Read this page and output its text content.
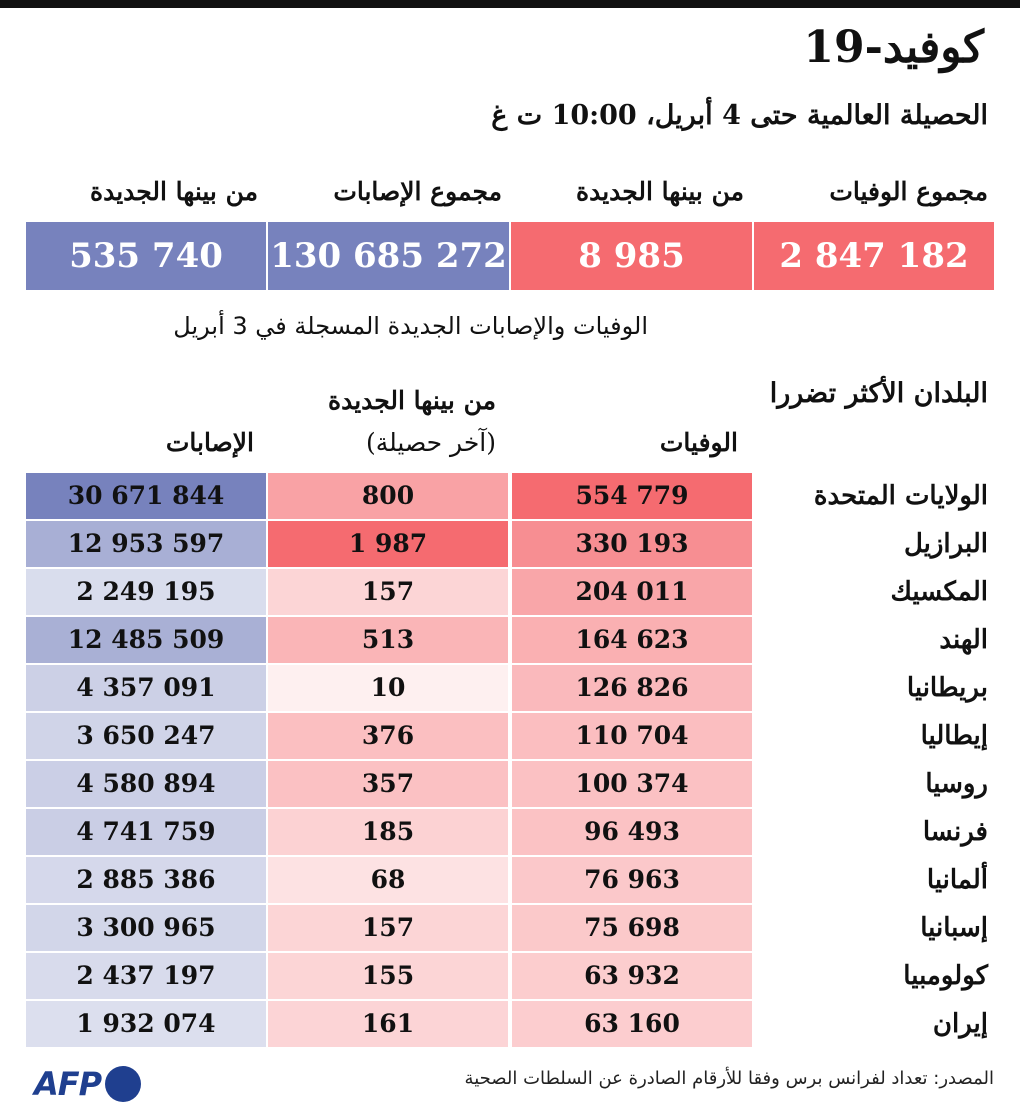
كوفيد-19
الحصيلة العالمية حتى 4 أبريل، 10:00 ت غ
مجموع الوفيات
من بينها الجديدة
مجموع الإصابات
من بينها الجديدة
2 847 182
8 985
130 685 272
535 740
الوفيات والإصابات الجديدة المسجلة في 3 أبريل
البلدان الأكثر تضررا
الوفيات
من بينها الجديدة
(آخر حصيلة)
الإصابات
الولايات المتحدة
554 779
800
30 671 844
البرازيل
330 193
1 987
12 953 597
المكسيك
204 011
157
2 249 195
الهند
164 623
513
12 485 509
بريطانيا
126 826
10
4 357 091
إيطاليا
110 704
376
3 650 247
روسيا
100 374
357
4 580 894
فرنسا
96 493
185
4 741 759
ألمانيا
76 963
68
2 885 386
إسبانيا
75 698
157
3 300 965
كولومبيا
63 932
155
2 437 197
إيران
63 160
161
1 932 074
المصدر: تعداد لفرانس برس وفقا للأرقام الصادرة عن السلطات الصحية
AFP
